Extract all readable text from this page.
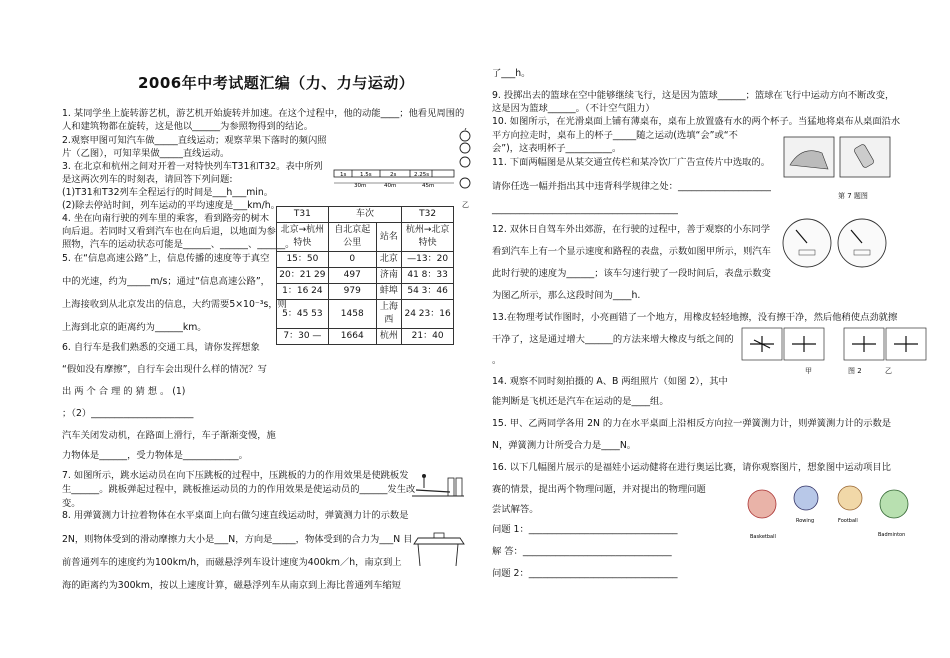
2006年中考试题汇编（力、力与运动）
1. 某同学坐上旋转游艺机，游艺机开始旋转并加速。在这个过程中，他的动能____；他看见周围的
人和建筑物都在旋转，这是他以______为参照物得到的结论。
2.观察甲图可知汽车做_____直线运动；观察苹果下落时的频闪照
片（乙图），可知苹果做_____直线运动。
3. 在北京和杭州之间对开着一对特快列车T31和T32。表中所列
是这两次列车的时刻表，请回答下列问题:
(1)T31和T32列车全程运行的时间是___h___min。
(2)除去停站时间，列车运动的平均速度是___km/h。
4. 坐在向南行驶的列车里的乘客，看到路旁的树木
向后退。若同时又看到汽车也在向后退，以地面为参
照物，汽车的运动状态可能是______、______、______。
5. 在“信息高速公路”上，信息传播的速度等于真空
中的光速，约为_____m/s；通过“信息高速公路”，
上海接收到从北京发出的信息，大约需要5×10⁻³s，则
上海到北京的距离约为______km。
6. 自行车是我们熟悉的交通工具，请你发挥想象
“假如没有摩擦”，自行车会出现什么样的情况？写
出 两 个 合 理 的 猜 想 。 (1)
；（2）______________________
汽车关闭发动机，在路面上滑行，车子渐渐变慢，施
力物体是______，受力物体是____________。
7. 如图所示，跳水运动员在向下压跳板的过程中，压跳板的力的作用效果是使跳板发
生______。跳板弹起过程中，跳板推运动员的力的作用效果是使运动员的______发生改
变。
8. 用弹簧测力计拉着物体在水平桌面上向右做匀速直线运动时，弹簧测力计的示数是
2N，则物体受到的滑动摩擦力大小是___N，方向是_____，物体受到的合力为___N 目
前普通列车的速度约为100km/h，而磁悬浮列车设计速度为400km／h，南京到上
海的距离约为300km，按以上速度计算，磁悬浮列车从南京到上海比普通列车缩短
1s 1.5s	2s	2.25s
30m	40m	45m
乙
T31	车次		T32
北京→杭州特快	自北京起公里	站名	杭州→北京特快
15：50	0	北京	—13：20
20：21 29	497	济南	41 8：33
1：16 24	979	蚌埠	54 3：46
5：45 53	1458	上海西	24 23：16
7：30 —	1664	杭州	21：40
了___h。
9. 投掷出去的篮球在空中能够继续飞行，这是因为篮球______；篮球在飞行中运动方向不断改变，
这是因为篮球______。（不计空气阻力）
10. 如图所示，在光滑桌面上铺有薄桌布，桌布上放置盛有水的两个杯子。当猛地将桌布从桌面沿水
平方向拉走时，桌布上的杯子_____随之运动(选填“会”或“不
会”)，这表明杯子__________。
11. 下面两幅图是从某交通宣传栏和某冷饮厂广告宣传片中选取的。
请你任选一幅并指出其中违背科学规律之处：____________________
________________________________________
12. 双休日自驾车外出郊游，在行驶的过程中，善于观察的小东同学
看到汽车上有一个显示速度和路程的表盘，示数如图甲所示，则汽车
此时行驶的速度为______；该车匀速行驶了一段时间后，表盘示数变
为图乙所示，那么这段时间为____h.
13.在物理考试作图时，小亮画错了一个地方，用橡皮轻轻地擦，没有擦干净，然后他稍使点劲就擦
干净了，这是通过增大______的方法来增大橡皮与纸之间的
。
14. 观察不同时刻拍摄的 A、B 两组照片（如图 2），其中
能判断是飞机还是汽车在运动的是____组。
15. 甲、乙两同学各用 2N 的力在水平桌面上沿相反方向拉一弹簧测力计，则弹簧测力计的示数是
N，弹簧测力计所受合力是____N。
16. 以下几幅图片展示的是福娃小运动健将在进行奥运比赛，请你观察图片，想象图中运动项目比
赛的情景，提出两个物理问题，并对提出的物理问题
尝试解答。
问题 1：________________________________
解 答：________________________________
问题 2：________________________________
第 7 题图
甲	图 2	乙
Basketball
Rowing	Football
Badminton
